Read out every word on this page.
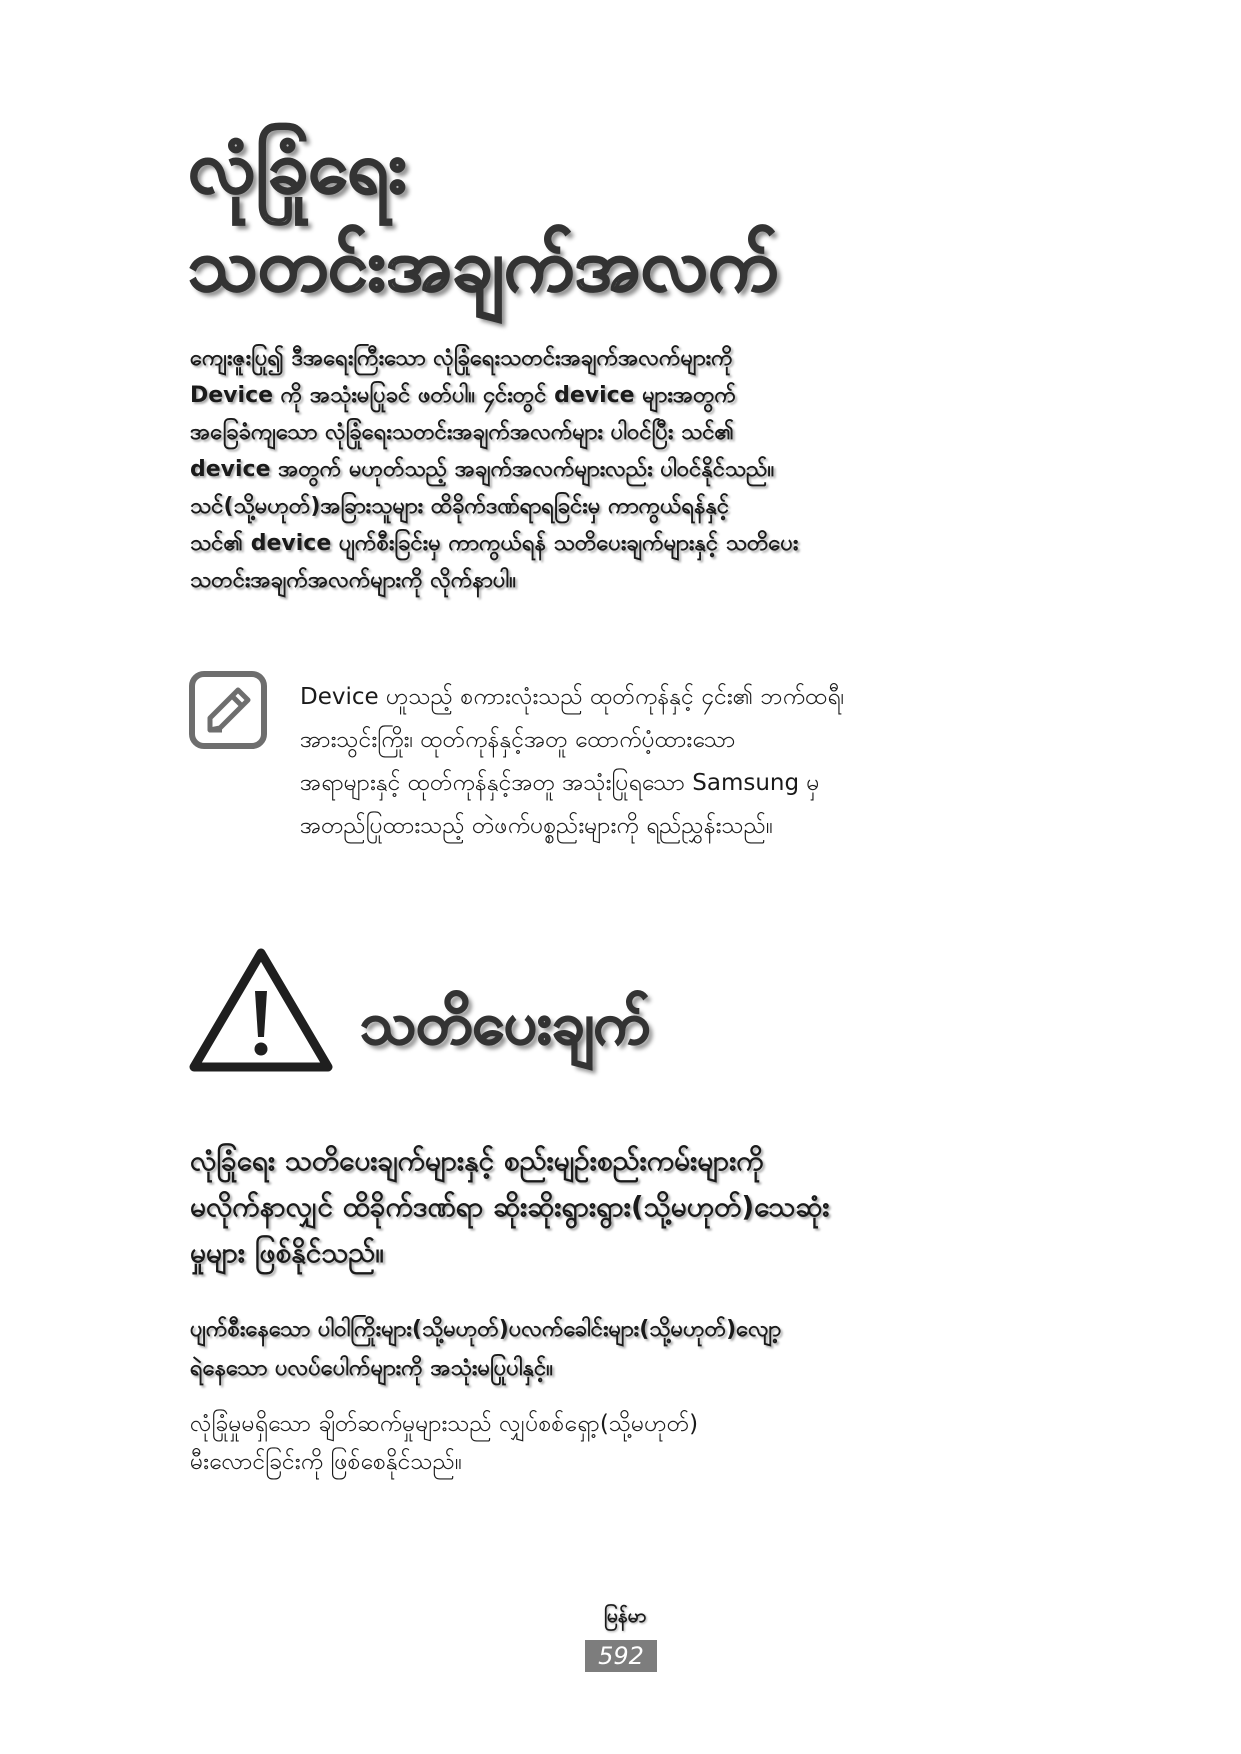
လုံခြုံရေး
သတင်းအချက်အလက်
ကျေးဇူးပြု၍ ဒီအရေးကြီးသော လုံခြုံရေးသတင်းအချက်အလက်များကို
Device ကို အသုံးမပြုခင် ဖတ်ပါ။ ၄င်းတွင် device များအတွက်
အခြေခံကျသော လုံခြုံရေးသတင်းအချက်အလက်များ ပါဝင်ပြီး သင်၏
device အတွက် မဟုတ်သည့် အချက်အလက်များလည်း ပါဝင်နိုင်သည်။
သင်(သို့မဟုတ်)အခြားသူများ ထိခိုက်ဒဏ်ရာရခြင်းမှ ကာကွယ်ရန်နှင့်
သင်၏ device ပျက်စီးခြင်းမှ ကာကွယ်ရန် သတိပေးချက်များနှင့် သတိပေး
သတင်းအချက်အလက်များကို လိုက်နာပါ။
Device ဟူသည့် စကားလုံးသည် ထုတ်ကုန်နှင့် ၄င်း၏ ဘက်ထရီ၊
အားသွင်းကြိုး၊ ထုတ်ကုန်နှင့်အတူ ထောက်ပံ့ထားသော
အရာများနှင့် ထုတ်ကုန်နှင့်အတူ အသုံးပြုရသော Samsung မှ
အတည်ပြုထားသည့် တဲဖက်ပစ္စည်းများကို ရည်ညွှန်းသည်။
သတိပေးချက်
လုံခြုံရေး သတိပေးချက်များနှင့် စည်းမျဉ်းစည်းကမ်းများကို
မလိုက်နာလျှင် ထိခိုက်ဒဏ်ရာ ဆိုးဆိုးရွားရွား(သို့မဟုတ်)သေဆုံး
မှုများ ဖြစ်နိုင်သည်။
ပျက်စီးနေသော ပါဝါကြိုးများ(သို့မဟုတ်)ပလက်ခေါင်းများ(သို့မဟုတ်)လျော့
ရဲနေသော ပလပ်ပေါက်များကို အသုံးမပြုပါနှင့်။
လုံခြုံမှုမရှိသော ချိတ်ဆက်မှုများသည် လျှပ်စစ်ရှော့(သို့မဟုတ်)
မီးလောင်ခြင်းကို ဖြစ်စေနိုင်သည်။
မြန်မာ
592
